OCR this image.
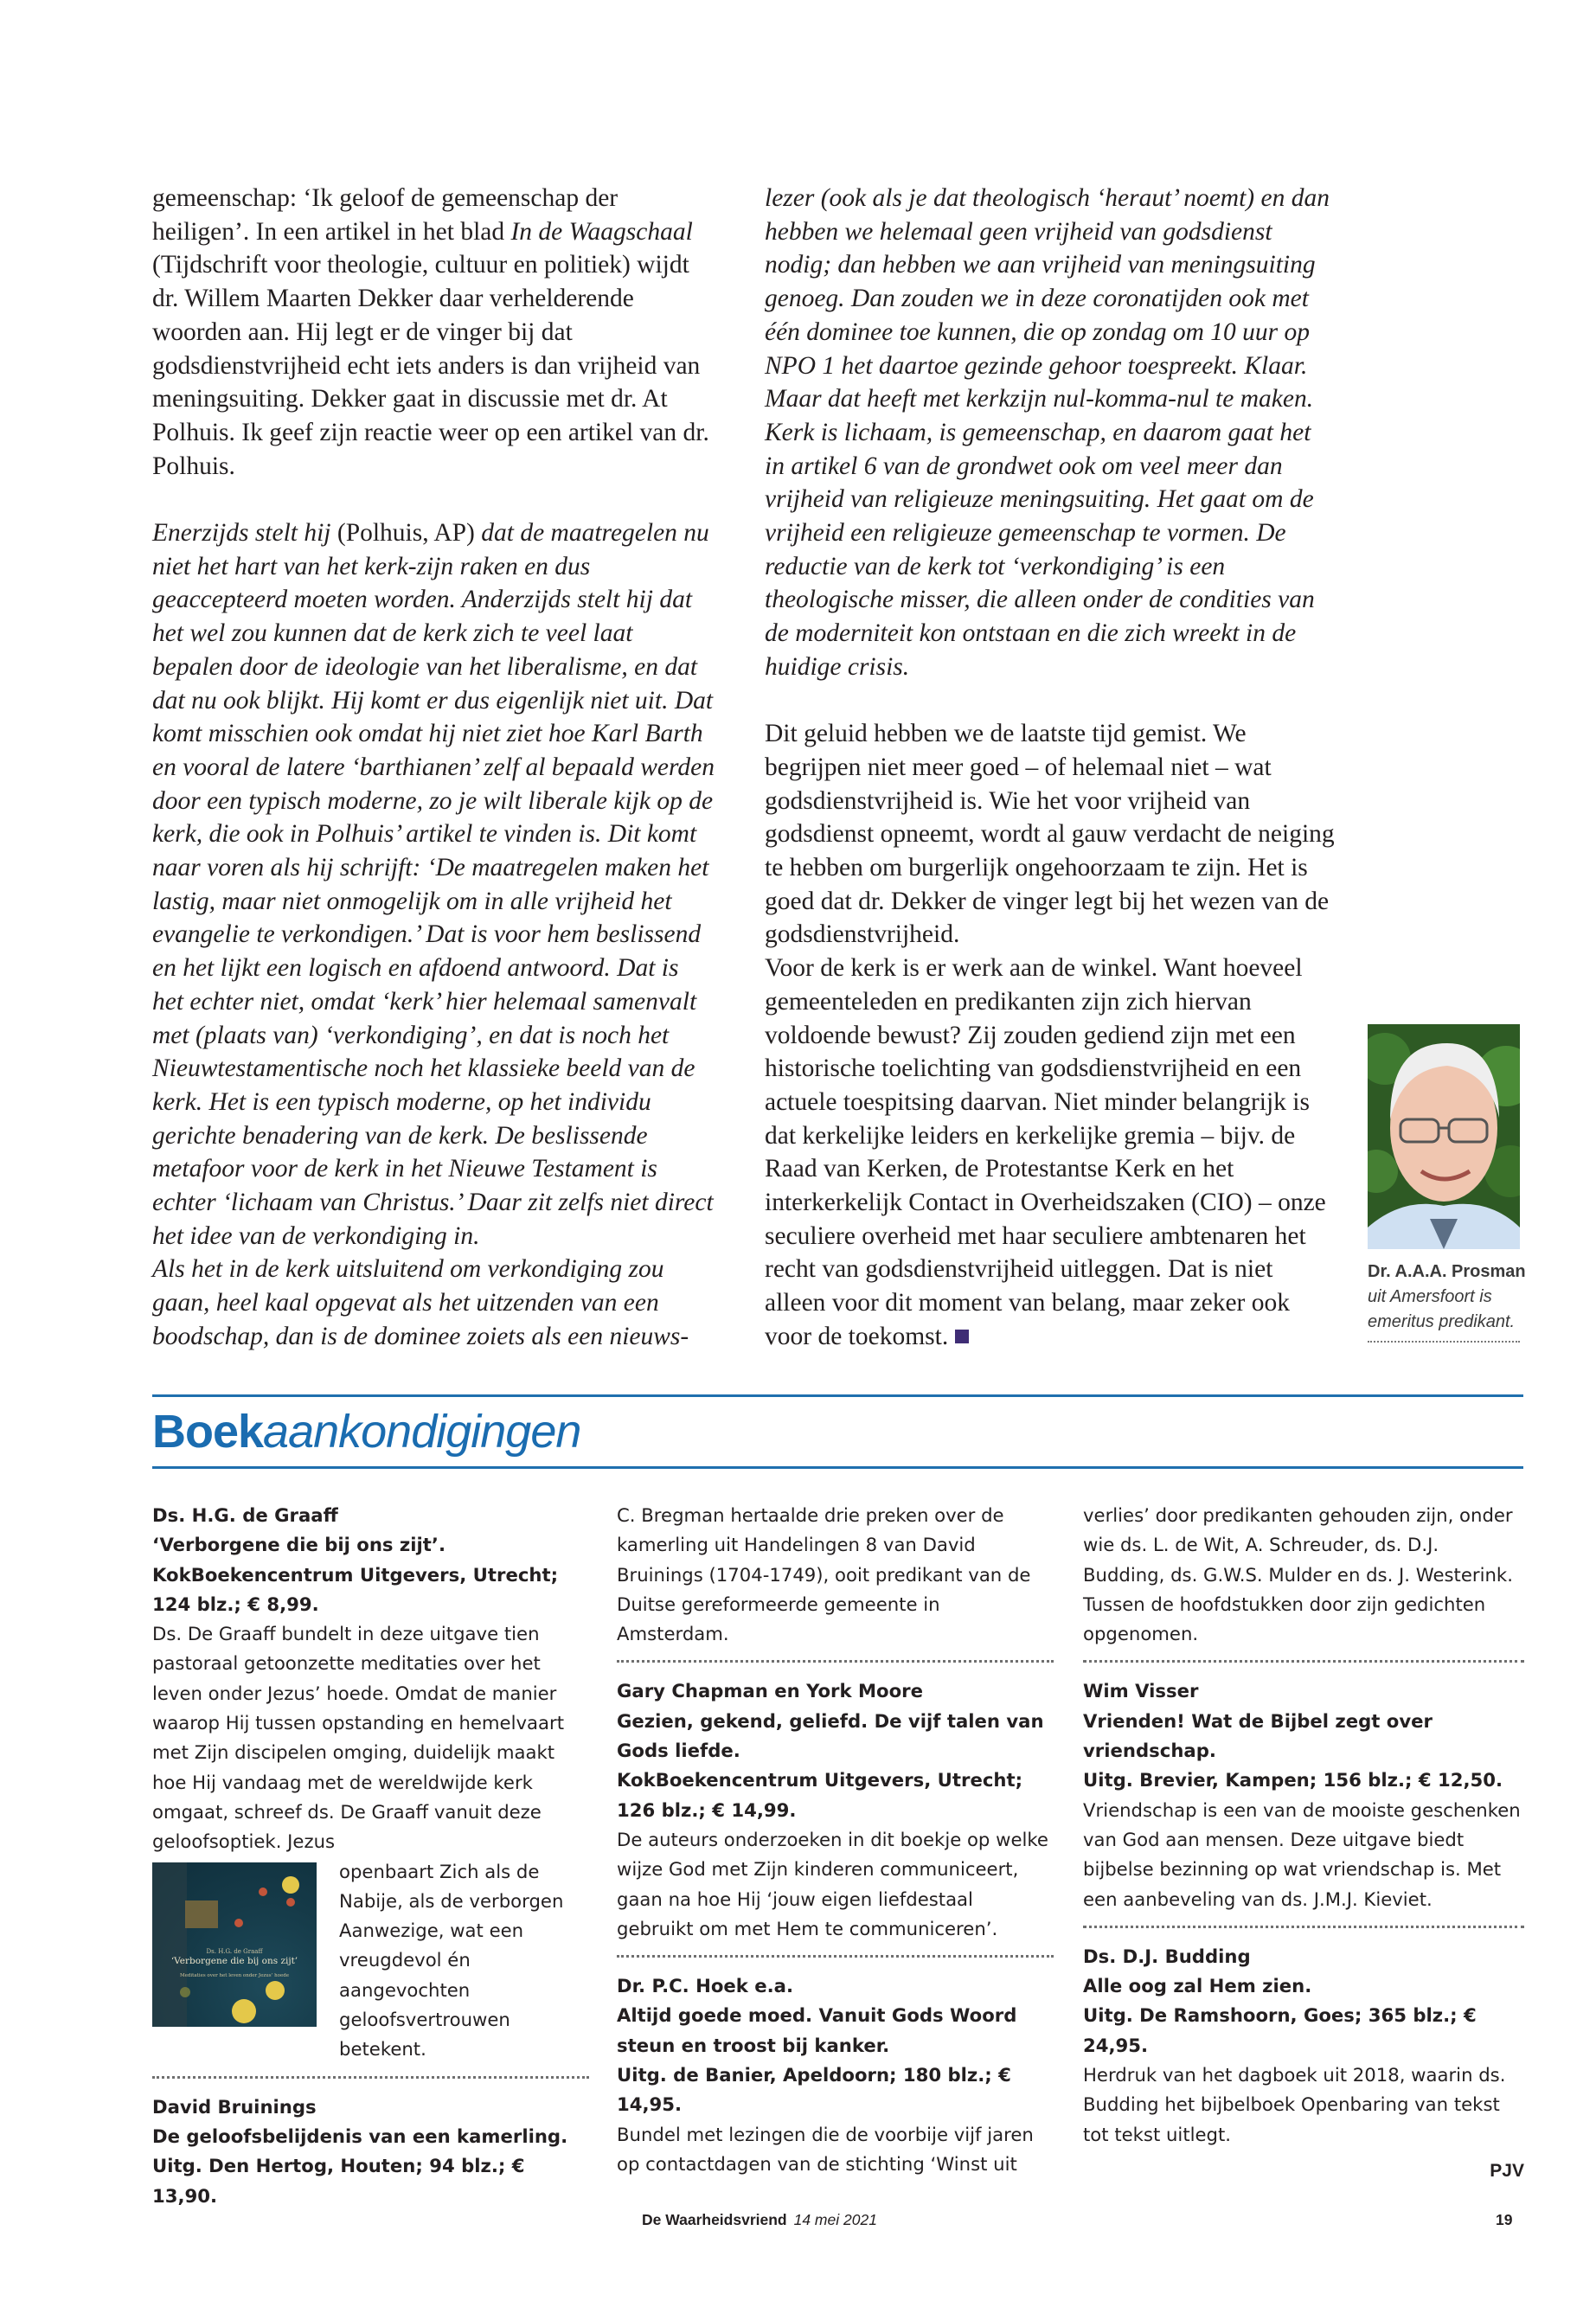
gemeenschap: ‘Ik geloof de gemeenschap der heiligen’. In een artikel in het blad In de Waagschaal (Tijdschrift voor theologie, cultuur en politiek) wijdt dr. Willem Maarten Dekker daar verhelderende woorden aan. Hij legt er de vinger bij dat godsdienstvrijheid echt iets anders is dan vrijheid van meningsuiting. Dekker gaat in discussie met dr. At Polhuis. Ik geef zijn reactie weer op een artikel van dr. Polhuis.

Enerzijds stelt hij (Polhuis, AP) dat de maatregelen nu niet het hart van het kerk-zijn raken en dus geaccepteerd moeten worden. Anderzijds stelt hij dat het wel zou kunnen dat de kerk zich te veel laat bepalen door de ideologie van het liberalisme, en dat dat nu ook blijkt. Hij komt er dus eigenlijk niet uit. Dat komt misschien ook omdat hij niet ziet hoe Karl Barth en vooral de latere ‘barthianen’ zelf al bepaald werden door een typisch moderne, zo je wilt liberale kijk op de kerk, die ook in Polhuis’ artikel te vinden is. Dit komt naar voren als hij schrijft: ‘De maatregelen maken het lastig, maar niet onmogelijk om in alle vrijheid het evangelie te verkondigen.’ Dat is voor hem beslissend en het lijkt een logisch en afdoend antwoord. Dat is het echter niet, omdat ‘kerk’ hier helemaal samenvalt met (plaats van) ‘verkondiging’, en dat is noch het Nieuwtestamentische noch het klassieke beeld van de kerk. Het is een typisch moderne, op het individu gerichte benadering van de kerk. De beslissende metafoor voor de kerk in het Nieuwe Testament is echter ‘lichaam van Christus.’ Daar zit zelfs niet direct het idee van de verkondiging in.

Als het in de kerk uitsluitend om verkondiging zou gaan, heel kaal opgevat als het uitzenden van een boodschap, dan is de dominee zoiets als een nieuws-

lezer (ook als je dat theologisch ‘heraut’ noemt) en dan hebben we helemaal geen vrijheid van godsdienst nodig; dan hebben we aan vrijheid van meningsuiting genoeg. Dan zouden we in deze coronatijden ook met één dominee toe kunnen, die op zondag om 10 uur op NPO 1 het daartoe gezinde gehoor toespreekt. Klaar. Maar dat heeft met kerkzijn nul-komma-nul te maken. Kerk is lichaam, is gemeenschap, en daarom gaat het in artikel 6 van de grondwet ook om veel meer dan vrijheid van religieuze meningsuiting. Het gaat om de vrijheid een religieuze gemeenschap te vormen. De reductie van de kerk tot ‘verkondiging’ is een theologische misser, die alleen onder de condities van de moderniteit kon ontstaan en die zich wreekt in de huidige crisis.

Dit geluid hebben we de laatste tijd gemist. We begrijpen niet meer goed – of helemaal niet – wat godsdienstvrijheid is. Wie het voor vrijheid van godsdienst opneemt, wordt al gauw verdacht de neiging te hebben om burgerlijk ongehoorzaam te zijn. Het is goed dat dr. Dekker de vinger legt bij het wezen van de godsdienstvrijheid.

Voor de kerk is er werk aan de winkel. Want hoeveel gemeenteleden en predikanten zijn zich hiervan voldoende bewust? Zij zouden gediend zijn met een historische toelichting van godsdienstvrijheid en een actuele toespitsing daarvan. Niet minder belangrijk is dat kerkelijke leiders en kerkelijke gremia – bijv. de Raad van Kerken, de Protestantse Kerk en het interkerkelijk Contact in Overheidszaken (CIO) – onze seculiere overheid met haar seculiere ambtenaren het recht van godsdienstvrijheid uitleggen. Dat is niet alleen voor dit moment van belang, maar zeker ook voor de toekomst.

Dr. A.A.A. Prosman
uit Amersfoort is emeritus predikant.
Boekaankondigingen

Ds. H.G. de Graaff

‘Verborgene die bij ons zijt’.

KokBoekencentrum Uitgevers, Utrecht;

124 blz.; € 8,99.

Ds. De Graaff bundelt in deze uitgave tien pastoraal getoonzette meditaties over het leven onder Jezus’ hoede. Omdat de manier waarop Hij tussen opstanding en hemelvaart met Zijn discipelen omging, duidelijk maakt hoe Hij vandaag met de wereldwijde kerk omgaat, schreef ds. De Graaff vanuit deze geloofsoptiek. Jezus

Ds. H.G. de Graaff
‘Verborgene die bij ons zijt’
Meditaties over het leven onder Jezus’ hoede

openbaart Zich als de Nabije, als de verborgen Aanwezige, wat een vreugdevol én aangevochten geloofsvertrouwen betekent.

David Bruinings

De geloofsbelijdenis van een kamerling.

Uitg. Den Hertog, Houten; 94 blz.; € 13,90.

C. Bregman hertaalde drie preken over de kamerling uit Handelingen 8 van David Bruinings (1704-1749), ooit predikant van de Duitse gereformeerde gemeente in Amsterdam.

Gary Chapman en York Moore

Gezien, gekend, geliefd. De vijf talen van Gods liefde.

KokBoekencentrum Uitgevers, Utrecht;

126 blz.; € 14,99.

De auteurs onderzoeken in dit boekje op welke wijze God met Zijn kinderen communiceert, gaan na hoe Hij ‘jouw eigen liefdestaal gebruikt om met Hem te communiceren’.

Dr. P.C. Hoek e.a.

Altijd goede moed. Vanuit Gods Woord steun en troost bij kanker.

Uitg. de Banier, Apeldoorn; 180 blz.; € 14,95.

Bundel met lezingen die de voorbije vijf jaren op contactdagen van de stichting ‘Winst uit

verlies’ door predikanten gehouden zijn, onder wie ds. L. de Wit, A. Schreuder, ds. D.J. Budding, ds. G.W.S. Mulder en ds. J. Westerink. Tussen de hoofdstukken door zijn gedichten opgenomen.

Wim Visser

Vrienden! Wat de Bijbel zegt over vriendschap.

Uitg. Brevier, Kampen; 156 blz.; € 12,50.

Vriendschap is een van de mooiste geschenken van God aan mensen. Deze uitgave biedt bijbelse bezinning op wat vriendschap is. Met een aanbeveling van ds. J.M.J. Kieviet.

Ds. D.J. Budding

Alle oog zal Hem zien.

Uitg. De Ramshoorn, Goes; 365 blz.; € 24,95.

Herdruk van het dagboek uit 2018, waarin ds. Budding het bijbelboek Openbaring van tekst tot tekst uitlegt.

PJV
De Waarheidsvriend 14 mei 2021	19
